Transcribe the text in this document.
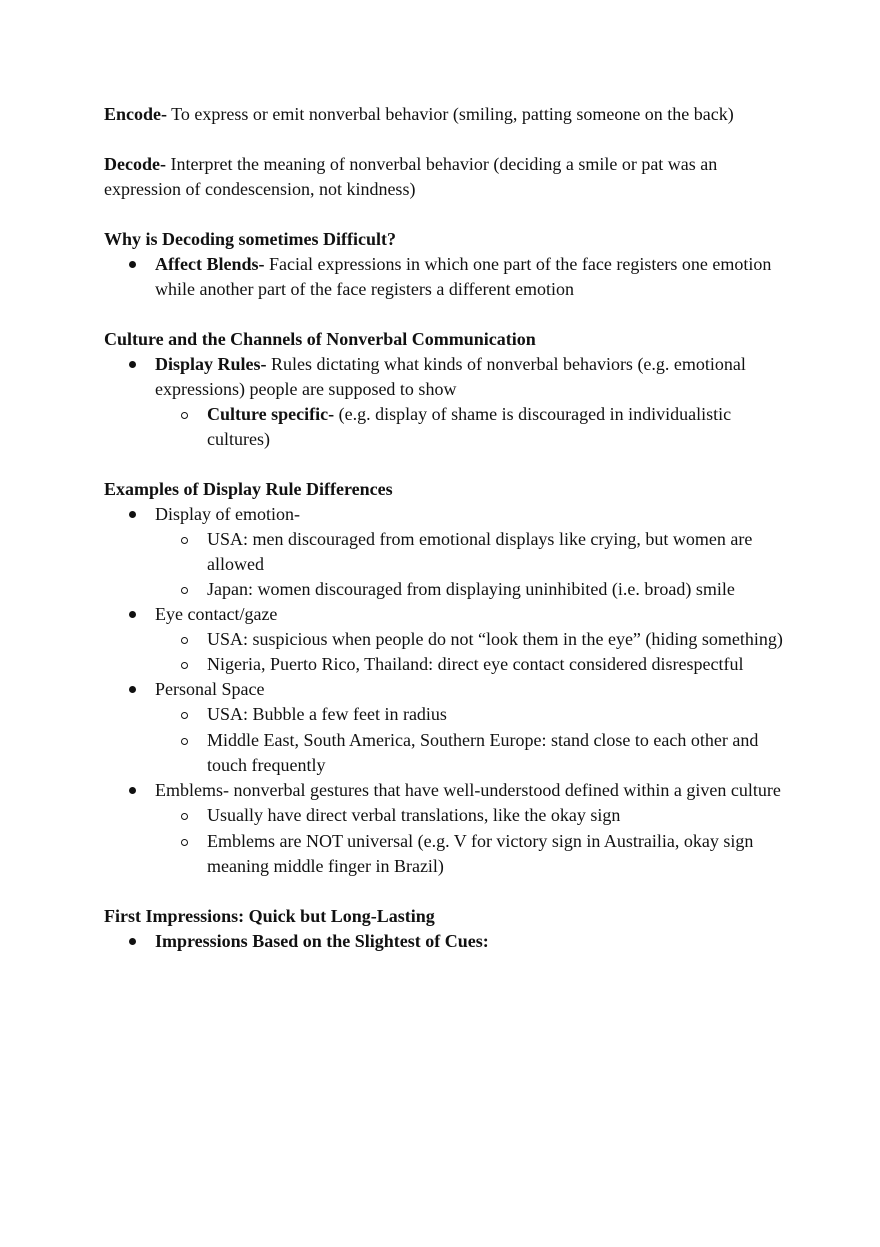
Encode- To express or emit nonverbal behavior (smiling, patting someone on the back)

Decode- Interpret the meaning of nonverbal behavior (deciding a smile or pat was an expression of condescension, not kindness)

Why is Decoding sometimes Difficult?

Affect Blends- Facial expressions in which one part of the face registers one emotion while another part of the face registers a different emotion

Culture and the Channels of Nonverbal Communication

Display Rules- Rules dictating what kinds of nonverbal behaviors (e.g. emotional expressions) people are supposed to show
Culture specific- (e.g. display of shame is discouraged in individualistic cultures)

Examples of Display Rule Differences

Display of emotion-
USA: men discouraged from emotional displays like crying, but women are allowed
Japan: women discouraged from displaying uninhibited (i.e. broad) smile
Eye contact/gaze
USA: suspicious when people do not “look them in the eye” (hiding something)
Nigeria, Puerto Rico, Thailand: direct eye contact considered disrespectful
Personal Space
USA: Bubble a few feet in radius
Middle East, South America, Southern Europe: stand close to each other and touch frequently
Emblems- nonverbal gestures that have well-understood defined within a given culture
Usually have direct verbal translations, like the okay sign
Emblems are NOT universal (e.g. V for victory sign in Austrailia, okay sign meaning middle finger in Brazil)

First Impressions: Quick but Long-Lasting

Impressions Based on the Slightest of Cues:
